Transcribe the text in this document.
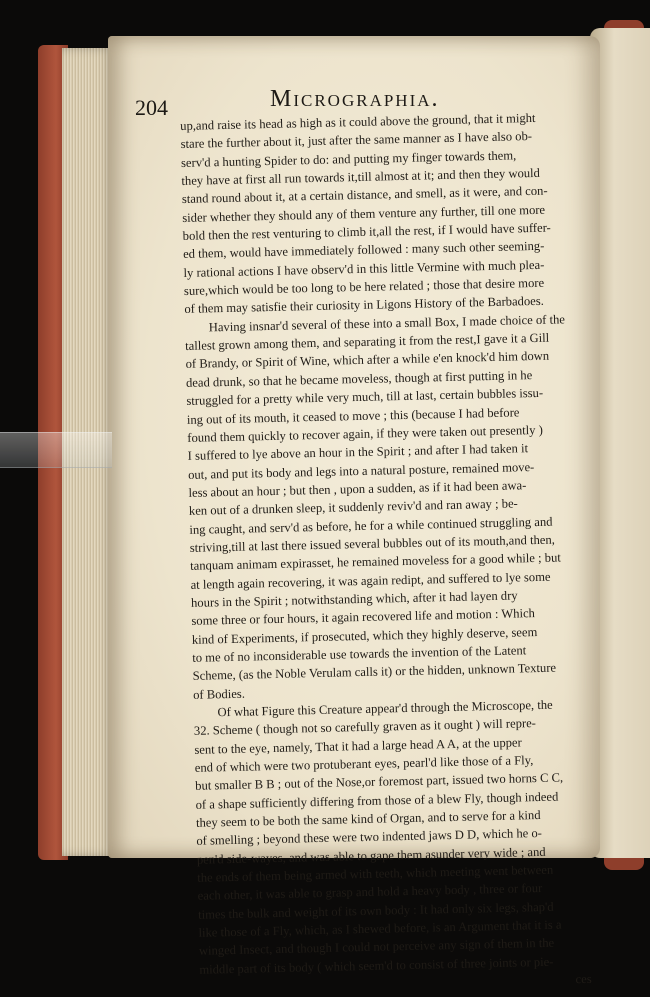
204	Micrographia.
up,and raise its head as high as it could above the ground, that it might
stare the further about it, just after the same manner as I have also ob-
serv'd a hunting Spider to do: and putting my finger towards them,
they have at first all run towards it,till almost at it; and then they would
stand round about it, at a certain distance, and smell, as it were, and con-
sider whether they should any of them venture any further, till one more
bold then the rest venturing to climb it,all the rest, if I would have suffer-
ed them, would have immediately followed : many such other seeming-
ly rational actions I have observ'd in this little Vermine with much plea-
sure,which would be too long to be here related ; those that desire more
of them may satisfie their curiosity in Ligons History of the Barbadoes.
Having insnar'd several of these into a small Box, I made choice of the
tallest grown among them, and separating it from the rest,I gave it a Gill
of Brandy, or Spirit of Wine, which after a while e'en knock'd him down
dead drunk, so that he became moveless, though at first putting in he
struggled for a pretty while very much, till at last, certain bubbles issu-
ing out of its mouth, it ceased to move ; this (because I had before
found them quickly to recover again, if they were taken out presently )
I suffered to lye above an hour in the Spirit ; and after I had taken it
out, and put its body and legs into a natural posture, remained move-
less about an hour ; but then , upon a sudden, as if it had been awa-
ken out of a drunken sleep, it suddenly reviv'd and ran away ; be-
ing caught, and serv'd as before, he for a while continued struggling and
striving,till at last there issued several bubbles out of its mouth,and then,
tanquam animam expirasset, he remained moveless for a good while ; but
at length again recovering, it was again redipt, and suffered to lye some
hours in the Spirit ; notwithstanding which, after it had layen dry
some three or four hours, it again recovered life and motion : Which
kind of Experiments, if prosecuted, which they highly deserve, seem
to me of no inconsiderable use towards the invention of the Latent
Scheme, (as the Noble Verulam calls it) or the hidden, unknown Texture
of Bodies.
Of what Figure this Creature appear'd through the Microscope, the
32. Scheme ( though not so carefully graven as it ought ) will repre-
sent to the eye, namely, That it had a large head A A, at the upper
end of which were two protuberant eyes, pearl'd like those of a Fly,
but smaller B B ; out of the Nose,or foremost part, issued two horns C C,
of a shape sufficiently differing from those of a blew Fly, though indeed
they seem to be both the same kind of Organ, and to serve for a kind
of smelling ; beyond these were two indented jaws D D, which he o-
pen'd side-wayes, and was able to gape them asunder very wide ; and
the ends of them being armed with teeth, which meeting went between
each other, it was able to grasp and hold a heavy body , three or four
times the bulk and weight of its own body : It had only six legs, shap'd
like those of a Fly, which, as I shewed before, is an Argument that it is a
winged Insect, and though I could not perceive any sign of them in the
middle part of its body ( which seem'd to consist of three joints or pie-
ces
